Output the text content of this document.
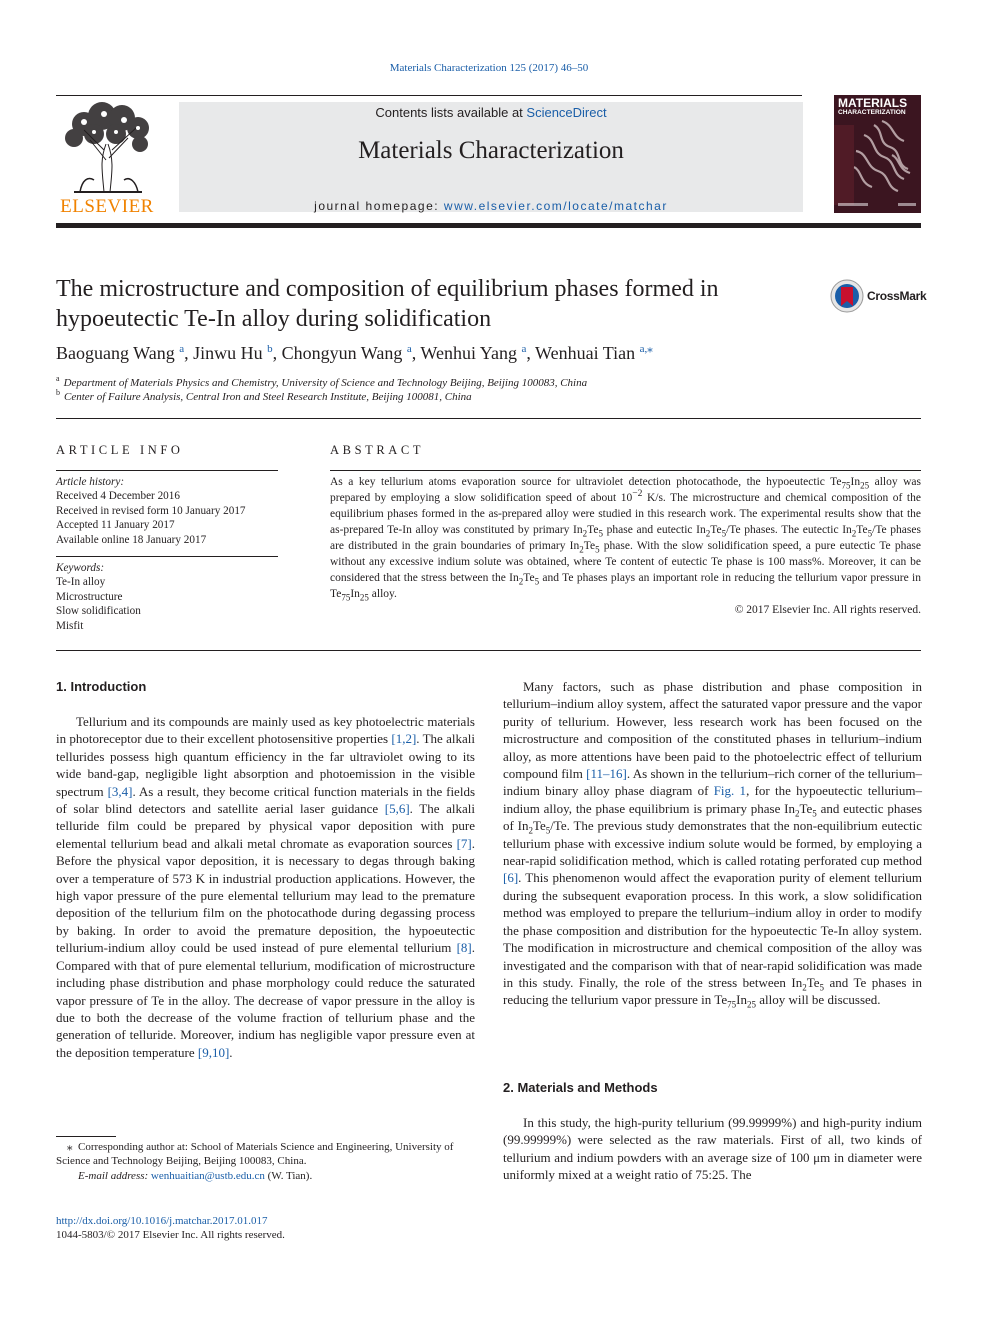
Materials Characterization 125 (2017) 46–50
ELSEVIER
Contents lists available at ScienceDirect
Materials Characterization
journal homepage: www.elsevier.com/locate/matchar
MATERIALS
CHARACTERIZATION
The microstructure and composition of equilibrium phases formed in hypoeutectic Te-In alloy during solidification
CrossMark
Baoguang Wang $^a$, Jinwu Hu $^b$, Chongyun Wang $^a$, Wenhui Yang $^a$, Wenhuai Tian $^{a,⁎}$
$^a$ Department of Materials Physics and Chemistry, University of Science and Technology Beijing, Beijing 100083, China
$^b$ Center of Failure Analysis, Central Iron and Steel Research Institute, Beijing 100081, China
ARTICLE INFO
Article history:
Received 4 December 2016
Received in revised form 10 January 2017
Accepted 11 January 2017
Available online 18 January 2017
Keywords:
Te-In alloy
Microstructure
Slow solidification
Misfit
ABSTRACT
As a key tellurium atoms evaporation source for ultraviolet detection photocathode, the hypoeutectic $Te_{75}In_{25}$ alloy was prepared by employing a slow solidification speed of about $10^{-2}$ K/s. The microstructure and chemical composition of the equilibrium phases formed in the as-prepared alloy were studied in this research work. The experimental results show that the as-prepared Te-In alloy was constituted by primary $In_2Te_5$ phase and eutectic $In_2Te_5/Te$ phases. The eutectic $In_2Te_5/Te$ phases are distributed in the grain boundaries of primary $In_2Te_5$ phase. With the slow solidification speed, a pure eutectic Te phase without any excessive indium solute was obtained, where Te content of eutectic Te phase is 100 mass%. Moreover, it can be considered that the stress between the $In_2Te_5$ and Te phases plays an important role in reducing the tellurium vapor pressure in $Te_{75}In_{25}$ alloy.
© 2017 Elsevier Inc. All rights reserved.
1. Introduction

Tellurium and its compounds are mainly used as key photoelectric materials in photoreceptor due to their excellent photosensitive properties [1,2]. The alkali tellurides possess high quantum efficiency in the far ultraviolet owing to its wide band-gap, negligible light absorption and photoemission in the visible spectrum [3,4]. As a result, they become critical function materials in the fields of solar blind detectors and satellite aerial laser guidance [5,6]. The alkali telluride film could be prepared by physical vapor deposition with pure elemental tellurium bead and alkali metal chromate as evaporation sources [7]. Before the physical vapor deposition, it is necessary to degas through baking over a temperature of 573 K in industrial production applications. However, the high vapor pressure of the pure elemental tellurium may lead to the premature deposition of the tellurium film on the photocathode during degassing process by baking. In order to avoid the premature deposition, the hypoeutectic tellurium-indium alloy could be used instead of pure elemental tellurium [8]. Compared with that of pure elemental tellurium, modification of microstructure including phase distribution and phase morphology could reduce the saturated vapor pressure of Te in the alloy. The decrease of vapor pressure in the alloy is due to both the decrease of the volume fraction of tellurium phase and the generation of telluride. Moreover, indium has negligible vapor pressure even at the deposition temperature [9,10].

⁎ Corresponding author at: School of Materials Science and Engineering, University of Science and Technology Beijing, Beijing 100083, China.
E-mail address: wenhuaitian@ustb.edu.cn (W. Tian).
http://dx.doi.org/10.1016/j.matchar.2017.01.017
1044-5803/© 2017 Elsevier Inc. All rights reserved.

Many factors, such as phase distribution and phase composition in tellurium–indium alloy system, affect the saturated vapor pressure and the vapor purity of tellurium. However, less research work has been focused on the microstructure and composition of the constituted phases in tellurium–indium alloy, as more attentions have been paid to the photoelectric effect of tellurium compound film [11–16]. As shown in the tellurium–rich corner of the tellurium–indium binary alloy phase diagram of Fig. 1, for the hypoeutectic tellurium–indium alloy, the phase equilibrium is primary phase $In_2Te_5$ and eutectic phases of $In_2Te_5/Te$. The previous study demonstrates that the non-equilibrium eutectic tellurium phase with excessive indium solute would be formed, by employing a near-rapid solidification method, which is called rotating perforated cup method [6]. This phenomenon would affect the evaporation purity of element tellurium during the subsequent evaporation process. In this work, a slow solidification method was employed to prepare the tellurium–indium alloy in order to modify the phase composition and distribution for the hypoeutectic Te-In alloy system. The modification in microstructure and chemical composition of the alloy was investigated and the comparison with that of near-rapid solidification was made in this study. Finally, the role of the stress between $In_2Te_5$ and Te phases in reducing the tellurium vapor pressure in $Te_{75}In_{25}$ alloy will be discussed.

2. Materials and Methods

In this study, the high-purity tellurium (99.99999%) and high-purity indium (99.99999%) were selected as the raw materials. First of all, two kinds of tellurium and indium powders with an average size of 100 μm in diameter were uniformly mixed at a weight ratio of 75:25. The
